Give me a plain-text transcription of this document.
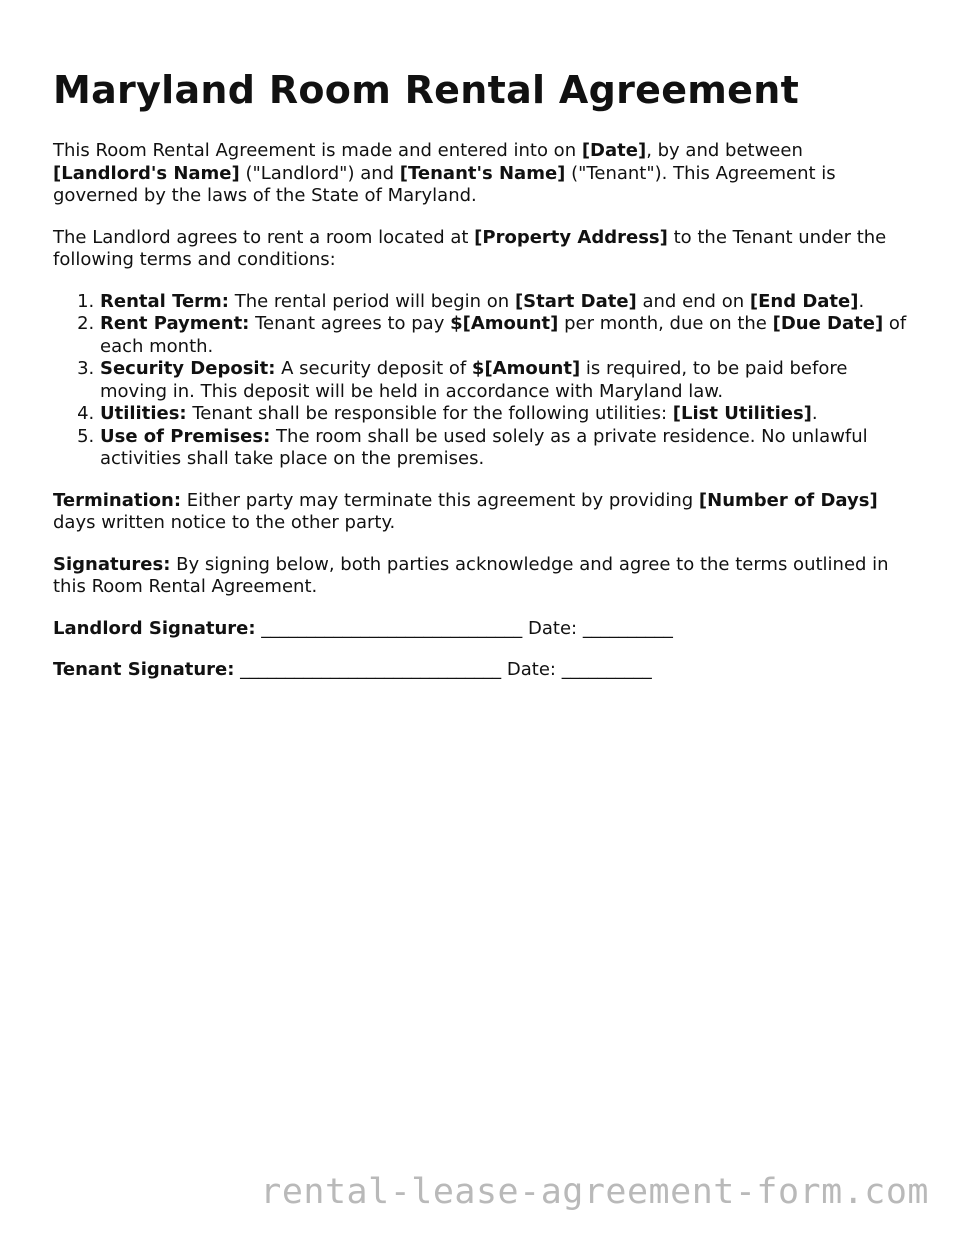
Maryland Room Rental Agreement

This Room Rental Agreement is made and entered into on [Date], by and between [Landlord's Name] ("Landlord") and [Tenant's Name] ("Tenant"). This Agreement is governed by the laws of the State of Maryland.

The Landlord agrees to rent a room located at [Property Address] to the Tenant under the following terms and conditions:

1. Rental Term: The rental period will begin on [Start Date] and end on [End Date].
2. Rent Payment: Tenant agrees to pay $[Amount] per month, due on the [Due Date] of each month.
3. Security Deposit: A security deposit of $[Amount] is required, to be paid before moving in. This deposit will be held in accordance with Maryland law.
4. Utilities: Tenant shall be responsible for the following utilities: [List Utilities].
5. Use of Premises: The room shall be used solely as a private residence. No unlawful activities shall take place on the premises.

Termination: Either party may terminate this agreement by providing [Number of Days] days written notice to the other party.

Signatures: By signing below, both parties acknowledge and agree to the terms outlined in this Room Rental Agreement.

Landlord Signature: _____________________________ Date: __________

Tenant Signature: _____________________________ Date: __________

rental-lease-agreement-form.com
